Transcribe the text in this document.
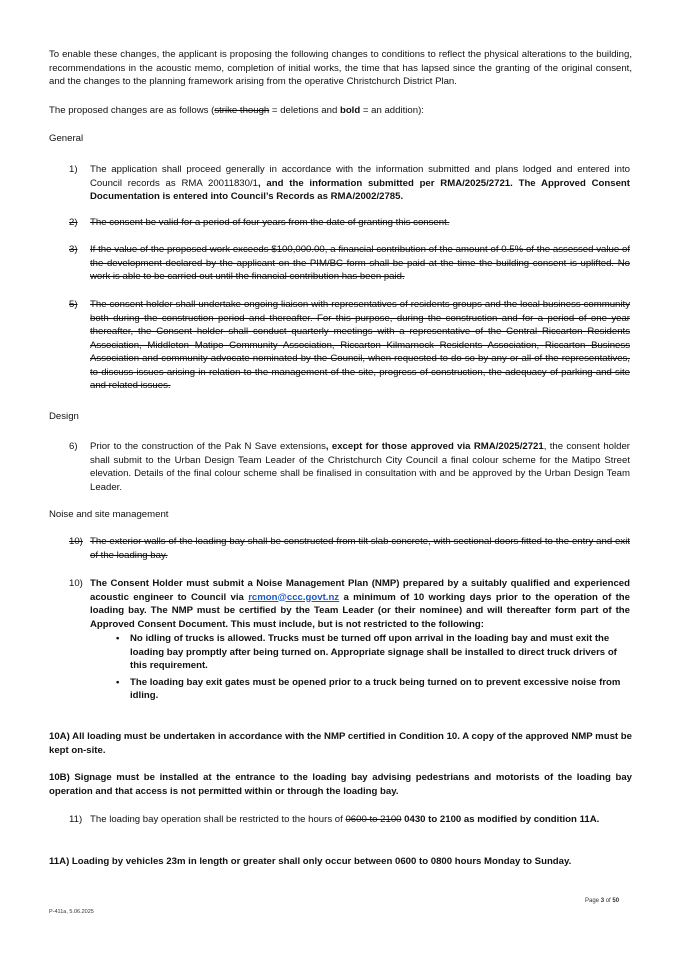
To enable these changes, the applicant is proposing the following changes to conditions to reflect the physical alterations to the building, recommendations in the acoustic memo, completion of initial works, the time that has lapsed since the granting of the original consent, and the changes to the planning framework arising from the operative Christchurch District Plan.

The proposed changes are as follows (strike though = deletions and bold = an addition):

General

1)	The application shall proceed generally in accordance with the information submitted and plans lodged and entered into Council records as RMA 20011830/1, and the information submitted per RMA/2025/2721. The Approved Consent Documentation is entered into Council’s Records as RMA/2002/2785.

2)	The consent be valid for a period of four years from the date of granting this consent.

3)	If the value of the proposed work exceeds $100,000.00, a financial contribution of the amount of 0.5% of the assessed value of the development declared by the applicant on the PIM/BC form shall be paid at the time the building consent is uplifted. No work is able to be carried out until the financial contribution has been paid.

5)	The consent holder shall undertake ongoing liaison with representatives of residents groups and the local business community both during the construction period and thereafter. For this purpose, during the construction and for a period of one year thereafter, the Consent holder shall conduct quarterly meetings with a representative of the Central Riccarton Residents Association, Middleton Matipo Community Association, Riccarton Kilmarnock Residents Association, Riccarton Business Association and community advocate nominated by the Council, when requested to do so by any or all of the representatives, to discuss issues arising in relation to the management of the site, progress of construction, the adequacy of parking and site and related issues.

Design

6)	Prior to the construction of the Pak N Save extensions, except for those approved via RMA/2025/2721, the consent holder shall submit to the Urban Design Team Leader of the Christchurch City Council a final colour scheme for the Matipo Street elevation. Details of the final colour scheme shall be finalised in consultation with and be approved by the Urban Design Team Leader.

Noise and site management

10) The exterior walls of the loading bay shall be constructed from tilt slab concrete, with sectional doors fitted to the entry and exit of the loading bay.

10) The Consent Holder must submit a Noise Management Plan (NMP) prepared by a suitably qualified and experienced acoustic engineer to Council via rcmon@ccc.govt.nz a minimum of 10 working days prior to the operation of the loading bay. The NMP must be certified by the Team Leader (or their nominee) and will thereafter form part of the Approved Consent Document. This must include, but is not restricted to the following:

• No idling of trucks is allowed. Trucks must be turned off upon arrival in the loading bay and must exit the loading bay promptly after being turned on. Appropriate signage shall be installed to direct truck drivers of this requirement.
• The loading bay exit gates must be opened prior to a truck being turned on to prevent excessive noise from idling.

10A) All loading must be undertaken in accordance with the NMP certified in Condition 10. A copy of the approved NMP must be kept on-site.

10B) Signage must be installed at the entrance to the loading bay advising pedestrians and motorists of the loading bay operation and that access is not permitted within or through the loading bay.

11) The loading bay operation shall be restricted to the hours of 0600 to 2100 0430 to 2100 as modified by condition 11A.

11A) Loading by vehicles 23m in length or greater shall only occur between 0600 to 0800 hours Monday to Sunday.

P-411a, 5.06.2025
Page 3 of 50
